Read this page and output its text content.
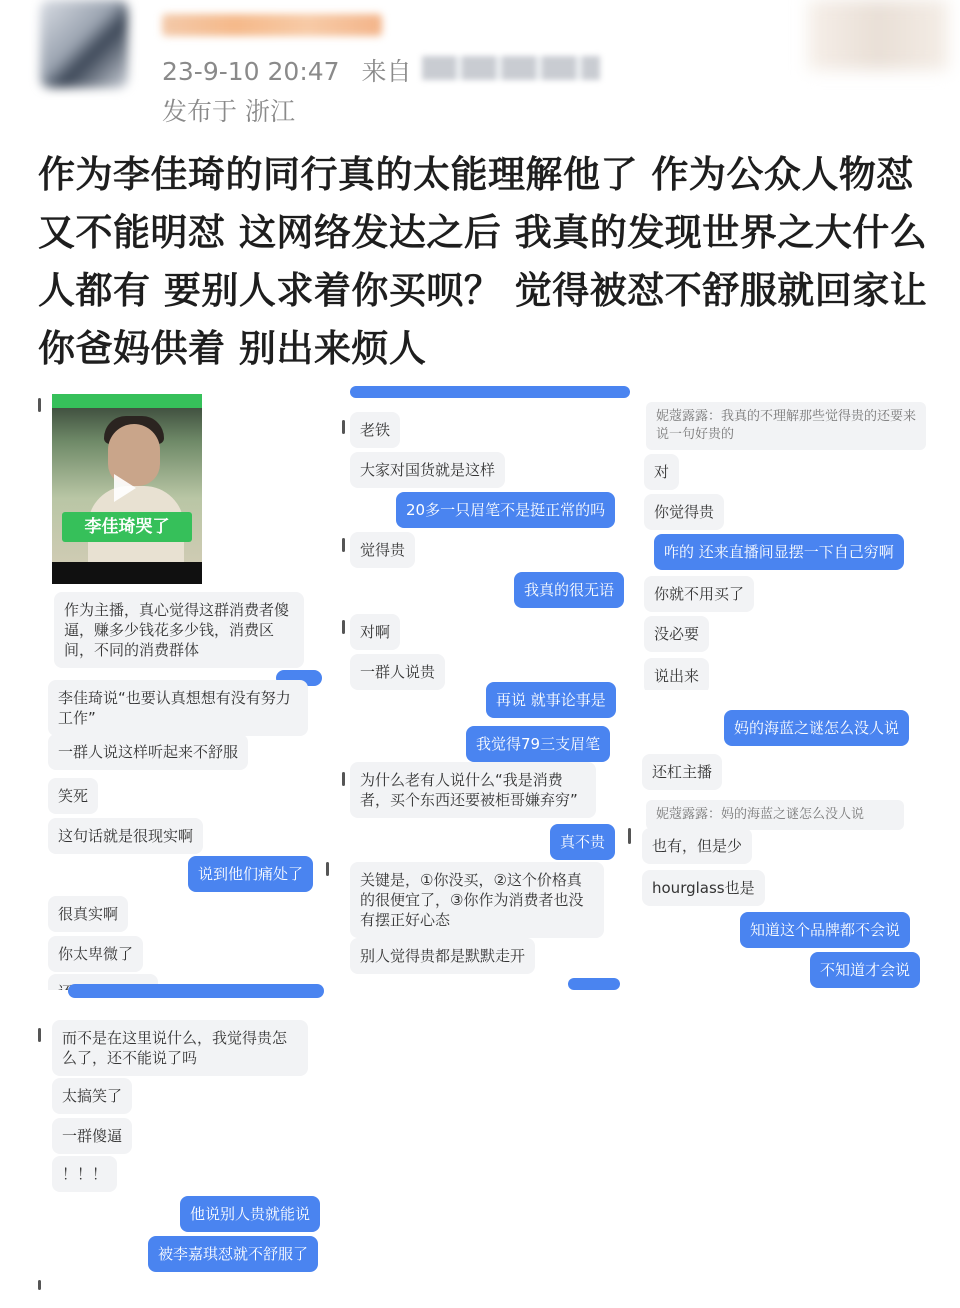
23-9-10 20:47 来自
发布于 浙江
作为李佳琦的同行真的太能理解他了 作为公众人物怼又不能明怼 这网络发达之后 我真的发现世界之大什么人都有 要别人求着你买呗？ 觉得被怼不舒服就回家让你爸妈供着 别出来烦人
李佳琦哭了
作为主播，真心觉得这群消费者傻逼，赚多少钱花多少钱，消费区间，不同的消费群体
李佳琦说“也要认真想想有没有努力工作”
一群人说这样听起来不舒服
笑死
这句话就是很现实啊
说到他们痛处了
很真实啊
你太卑微了
而不是在这里说什么，我觉得贵怎么了，还不能说了吗
太搞笑了
一群傻逼
！！！
他说别人贵就能说
被李嘉琪怼就不舒服了
老铁
大家对国货就是这样
20多一只眉笔不是挺正常的吗
觉得贵
我真的很无语
对啊
一群人说贵
再说 就事论事是
我觉得79三支眉笔
为什么老有人说什么“我是消费者，买个东西还要被柜哥嫌弃穷”
真不贵
关键是，①你没买，②这个价格真的很便宜了，③你作为消费者也没有摆正好心态
别人觉得贵都是默默走开
妮蔻露露：我真的不理解那些觉得贵的还要来说一句好贵的
对
你觉得贵
咋的 还来直播间显摆一下自己穷啊
你就不用买了
没必要
说出来
妈的海蓝之谜怎么没人说
还杠主播
妮蔻露露：妈的海蓝之谜怎么没人说
也有，但是少
hourglass也是
知道这个品牌都不会说
不知道才会说
